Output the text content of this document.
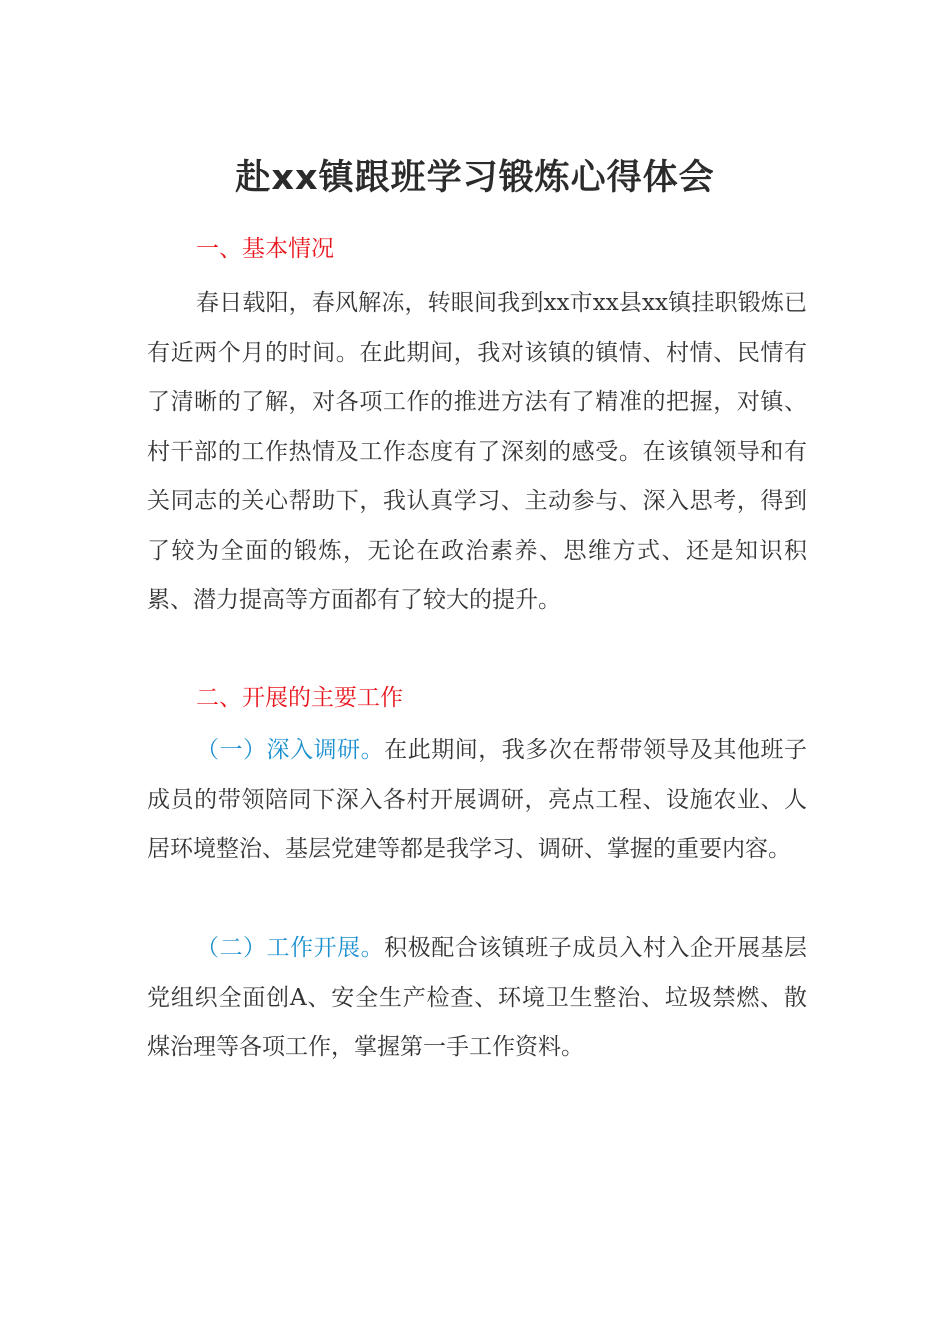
赴xx镇跟班学习锻炼心得体会
一、基本情况

春日载阳，春风解冻，转眼间我到xx市xx县xx镇挂职锻炼已有近两个月的时间。在此期间，我对该镇的镇情、村情、民情有了清晰的了解，对各项工作的推进方法有了精准的把握，对镇、村干部的工作热情及工作态度有了深刻的感受。在该镇领导和有关同志的关心帮助下，我认真学习、主动参与、深入思考，得到了较为全面的锻炼，无论在政治素养、思维方式、还是知识积累、潜力提高等方面都有了较大的提升。

二、开展的主要工作

（一）深入调研。在此期间，我多次在帮带领导及其他班子成员的带领陪同下深入各村开展调研，亮点工程、设施农业、人居环境整治、基层党建等都是我学习、调研、掌握的重要内容。

（二）工作开展。积极配合该镇班子成员入村入企开展基层党组织全面创A、安全生产检查、环境卫生整治、垃圾禁燃、散煤治理等各项工作，掌握第一手工作资料。
